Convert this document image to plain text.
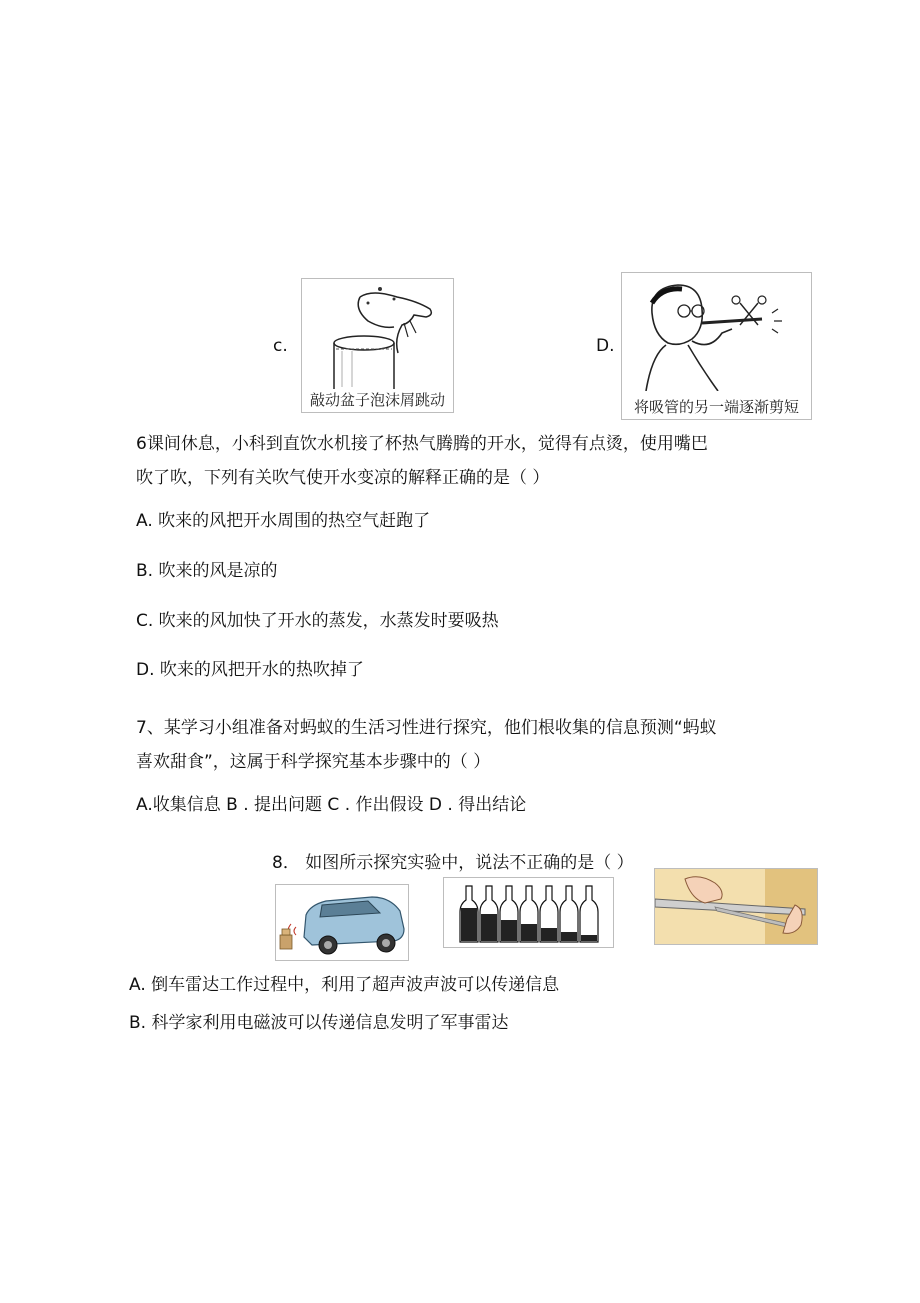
c.
敲动盆子泡沫屑跳动
D.
将吸管的另一端逐渐剪短
6课间休息，小科到直饮水机接了杯热气腾腾的开水，觉得有点烫，使用嘴巴
吹了吹，下列有关吹气使开水变凉的解释正确的是（ ）
A. 吹来的风把开水周围的热空气赶跑了
B. 吹来的风是凉的
C. 吹来的风加快了开水的蒸发，水蒸发时要吸热
D. 吹来的风把开水的热吹掉了
7、某学习小组准备对蚂蚁的生活习性进行探究，他们根收集的信息预测“蚂蚁
喜欢甜食”，这属于科学探究基本步骤中的（ ）
A.收集信息 B . 提出问题 C . 作出假设 D . 得出结论
8． 如图所示探究实验中，说法不正确的是（ ）
A. 倒车雷达工作过程中，利用了超声波声波可以传递信息
B. 科学家利用电磁波可以传递信息发明了军事雷达
